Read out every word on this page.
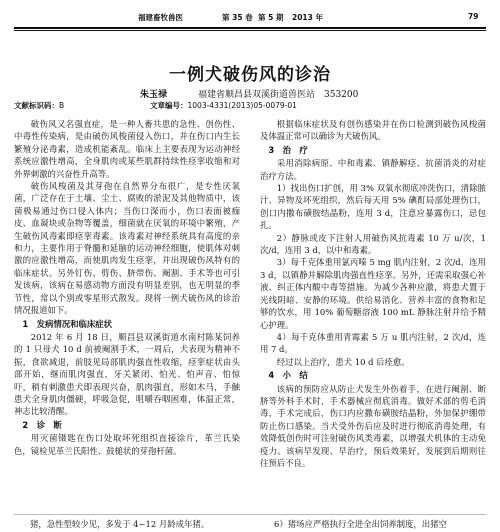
福建畜牧兽医	第 35 卷 第 5 期 2013 年	79
一例犬破伤风的诊治
朱玉禄	福建省顺昌县双溪街道兽医站　353200
文献标识码：B	文章编号：1003-4331(2013)05-0079-01

破伤风又名强直症，是一种人畜共患的急性、创伤性、中毒性传染病，是由破伤风梭菌侵入伤口，并在伤口内生长繁殖分泌毒素，造成机能紊乱。临床上主要表现为运动神经系统应激性增高，全身肌肉或某些肌群持续性痉挛收缩和对外界刺激的兴奋性升高等。

破伤风梭菌及其芽孢在自然界分布很广，是专性厌氧菌，广泛存在于土壤、尘土、腐败的淤泥及其他物质中，该菌极易通过伤口侵入体内；当伤口深而小，伤口表面被痂皮、血凝块或杂物等覆盖，细菌就在厌氧的环境中繁殖，产生破伤风毒素即痉挛毒素。该毒素对神经系统具有高度的亲和力，主要作用于脊髓和延脑的运动神经细胞，使肌体对刺激的应激性增高，而使肌肉发生痉挛，并出现破伤风特有的临床症状。另外钉伤、剪伤、脐带伤、阉割、手术等也可引发该病，该病在易感动物方面没有明显差别，也无明显的季节性，常以个别或零星形式散发。现将一例犬破伤风的诊治情况报道如下。

1　发病情况和临床症状

2012 年 6 月 18 日，顺昌县双溪街道水南村陈某饲养的 1 只母犬 10 d 前被阉割手术，一周后，犬表现为精神不振，食欲减退，前肢见局部肌肉强直性收缩，痉挛症状由头部开始，继而肌肉强直，牙关紧闭、怕光、怕声音、怕惊吓，稍有刺激患犬即表现兴奋，肌肉强直，形如木马，手触患犬全身肌肉僵硬，呼吸急促，咀嚼吞咽困难，体温正常，神志比较清醒。

2　诊　断

用灭菌镊匙在伤口处取坏死组织直接涂片，革兰氏染色，镜检见革兰氏阳性、鼓槌状的芽孢杆菌。

根据临床症状及有创伤感染并在伤口检测到破伤风梭菌及体温正常可以确诊为犬破伤风。

3　治　疗

采用消除病原、中和毒素、镇静解痉、抗菌消炎的对症治疗方法。

1）找出伤口扩创，用 3% 双氧水彻底冲洗伤口，清除脓汁、异物及坏死组织，然后每天用 5% 碘酊局部处理伤口，创口内撒布磺胺结晶粉，连用 3 d，注意应暴露伤口，忌包扎。

2）静脉或皮下注射人用破伤风抗毒素 10 万 u/次，1 次/d，连用 3 d，以中和毒素。

3）每千克体重用氯丙嗪 5 mg 肌内注射，2 次/d，连用 3 d，以镇静并解除肌肉强直性痉挛。另外，还需采取强心补液、纠正体内酸中毒等措施。为减少各种应激，将患犬置于光线阴暗、安静的环境。供给易消化、营养丰富的食物和足够的饮水，用 10% 葡萄糖溶液 100 mL 静脉注射并给予精心护理。

4）每千克体重用青霉素 5 万 u 肌内注射，2 次/d，连用 7 d。

经过以上治疗，患犬 10 d 后痊愈。

4　小　结

该病的预防应从防止犬发生外伤着手，在进行阉割、断脐等外科手术时，手术器械应彻底消毒。做好术部的剪毛消毒，手术完成后，伤口内应撒布磺胺结晶粉，外加保护绷带防止伤口感染。当犬受外伤后应及时进行彻底消毒处理，有效降低创伤时可注射破伤风类毒素，以增强犬机体的主动免疫力。该病早发现、早治疗，预后效果好，发展到后期则往往预后不良。

猪，急性型较少见，多发于 4~12 月龄成年猪。	6）猪场应严格执行全进全出饲养制度，出猪空
